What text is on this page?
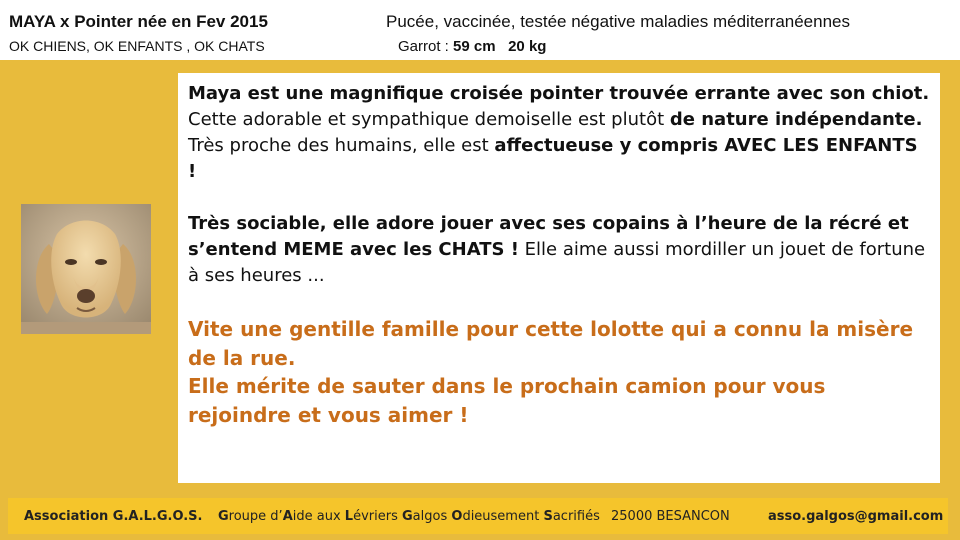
MAYA x Pointer née en Fev 2015
OK CHIENS, OK ENFANTS , OK CHATS
Pucée, vaccinée, testée négative maladies méditerranéennes
Garrot : 59 cm 20 kg

Maya est une magnifique croisée pointer trouvée errante avec son chiot.

Cette adorable et sympathique demoiselle est plutôt de nature indépendante. Très proche des humains, elle est affectueuse y compris AVEC LES ENFANTS !

Très sociable, elle adore jouer avec ses copains à l’heure de la récré et s’entend MEME avec les CHATS ! Elle aime aussi mordiller un jouet de fortune à ses heures ...

Vite une gentille famille pour cette lolotte qui a connu la misère de la rue.

Elle mérite de sauter dans le prochain camion pour vous rejoindre et vous aimer !

Association G.A.L.G.O.S. Groupe d’Aide aux Lévriers Galgos Odieusement Sacrifiés 25000 BESANCON	asso.galgos@gmail.com
